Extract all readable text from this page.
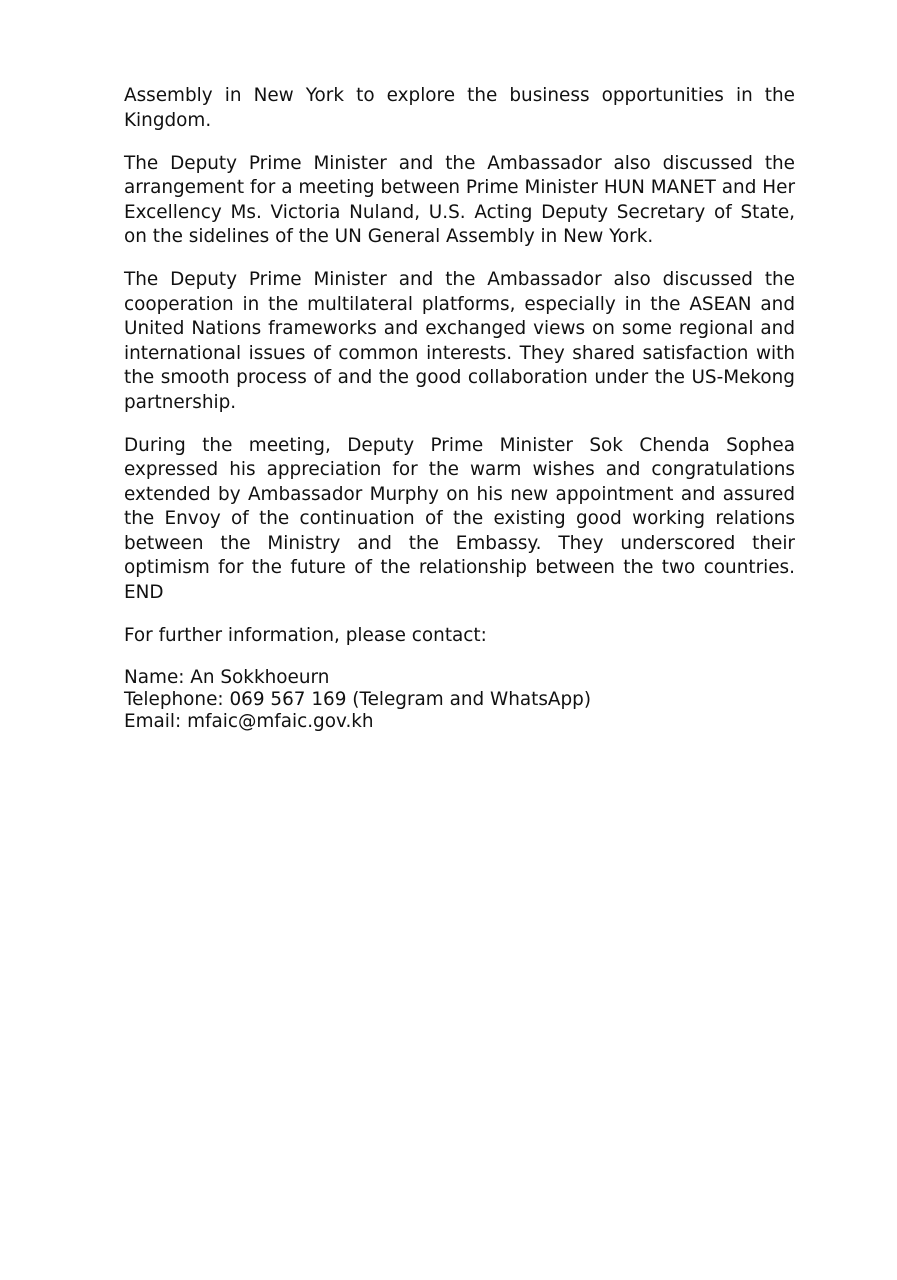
Assembly in New York to explore the business opportunities in the Kingdom.

The Deputy Prime Minister and the Ambassador also discussed the arrangement for a meeting between Prime Minister HUN MANET and Her Excellency Ms. Victoria Nuland, U.S. Acting Deputy Secretary of State, on the sidelines of the UN General Assembly in New York.

The Deputy Prime Minister and the Ambassador also discussed the cooperation in the multilateral platforms, especially in the ASEAN and United Nations frameworks and exchanged views on some regional and international issues of common interests. They shared satisfaction with the smooth process of and the good collaboration under the US-Mekong partnership.

During the meeting, Deputy Prime Minister Sok Chenda Sophea expressed his appreciation for the warm wishes and congratulations extended by Ambassador Murphy on his new appointment and assured the Envoy of the continuation of the existing good working relations between the Ministry and the Embassy. They underscored their optimism for the future of the relationship between the two countries. END

For further information, please contact:

Name: An Sokkhoeurn
Telephone: 069 567 169 (Telegram and WhatsApp)
Email: mfaic@mfaic.gov.kh
